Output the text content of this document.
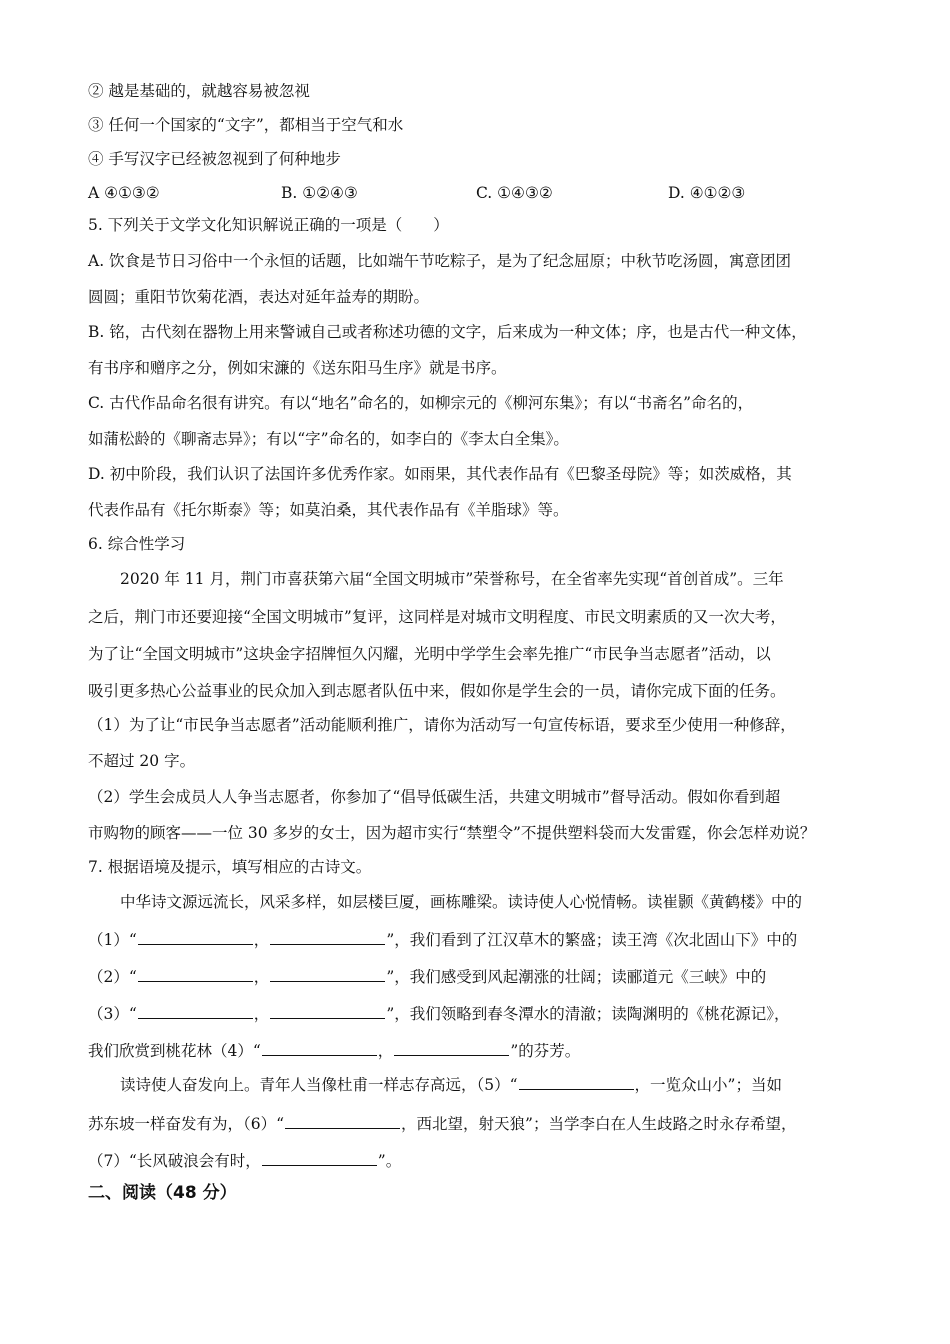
② 越是基础的，就越容易被忽视
③ 任何一个国家的“文字”，都相当于空气和水
④ 手写汉字已经被忽视到了何种地步
A ④①③②	B. ①②④③	C. ①④③②	D. ④①②③
5. 下列关于文学文化知识解说正确的一项是（　　）
A. 饮食是节日习俗中一个永恒的话题，比如端午节吃粽子，是为了纪念屈原；中秋节吃汤圆，寓意团团
圆圆；重阳节饮菊花酒，表达对延年益寿的期盼。
B. 铭，古代刻在器物上用来警诫自己或者称述功德的文字，后来成为一种文体；序，也是古代一种文体，
有书序和赠序之分，例如宋濂的《送东阳马生序》就是书序。
C. 古代作品命名很有讲究。有以“地名”命名的，如柳宗元的《柳河东集》；有以“书斋名”命名的，
如蒲松龄的《聊斋志异》；有以“字”命名的，如李白的《李太白全集》。
D. 初中阶段，我们认识了法国许多优秀作家。如雨果，其代表作品有《巴黎圣母院》等；如茨威格，其
代表作品有《托尔斯泰》等；如莫泊桑，其代表作品有《羊脂球》等。
6. 综合性学习
2020 年 11 月，荆门市喜获第六届“全国文明城市”荣誉称号，在全省率先实现“首创首成”。三年
之后，荆门市还要迎接“全国文明城市”复评，这同样是对城市文明程度、市民文明素质的又一次大考，
为了让“全国文明城市”这块金字招牌恒久闪耀，光明中学学生会率先推广“市民争当志愿者”活动，以
吸引更多热心公益事业的民众加入到志愿者队伍中来，假如你是学生会的一员，请你完成下面的任务。
（1）为了让“市民争当志愿者”活动能顺利推广，请你为活动写一句宣传标语，要求至少使用一种修辞，
不超过 20 字。
（2）学生会成员人人争当志愿者，你参加了“倡导低碳生活，共建文明城市”督导活动。假如你看到超
市购物的顾客——一位 30 多岁的女士，因为超市实行“禁塑令”不提供塑料袋而大发雷霆，你会怎样劝说？
7. 根据语境及提示，填写相应的古诗文。
中华诗文源远流长，风采多样，如层楼巨厦，画栋雕梁。读诗使人心悦情畅。读崔颢《黄鹤楼》中的
（1）“	，	”，我们看到了江汉草木的繁盛；读王湾《次北固山下》中的
（2）“	，	”，我们感受到风起潮涨的壮阔；读郦道元《三峡》中的
（3）“	，	”，我们领略到春冬潭水的清澈；读陶渊明的《桃花源记》，
我们欣赏到桃花林（4）“	，	”的芬芳。
读诗使人奋发向上。青年人当像杜甫一样志存高远，（5）“	，一览众山小”；当如
苏东坡一样奋发有为，（6）“	，西北望，射天狼”；当学李白在人生歧路之时永存希望，
（7）“长风破浪会有时，	”。
二、阅读（48 分）
